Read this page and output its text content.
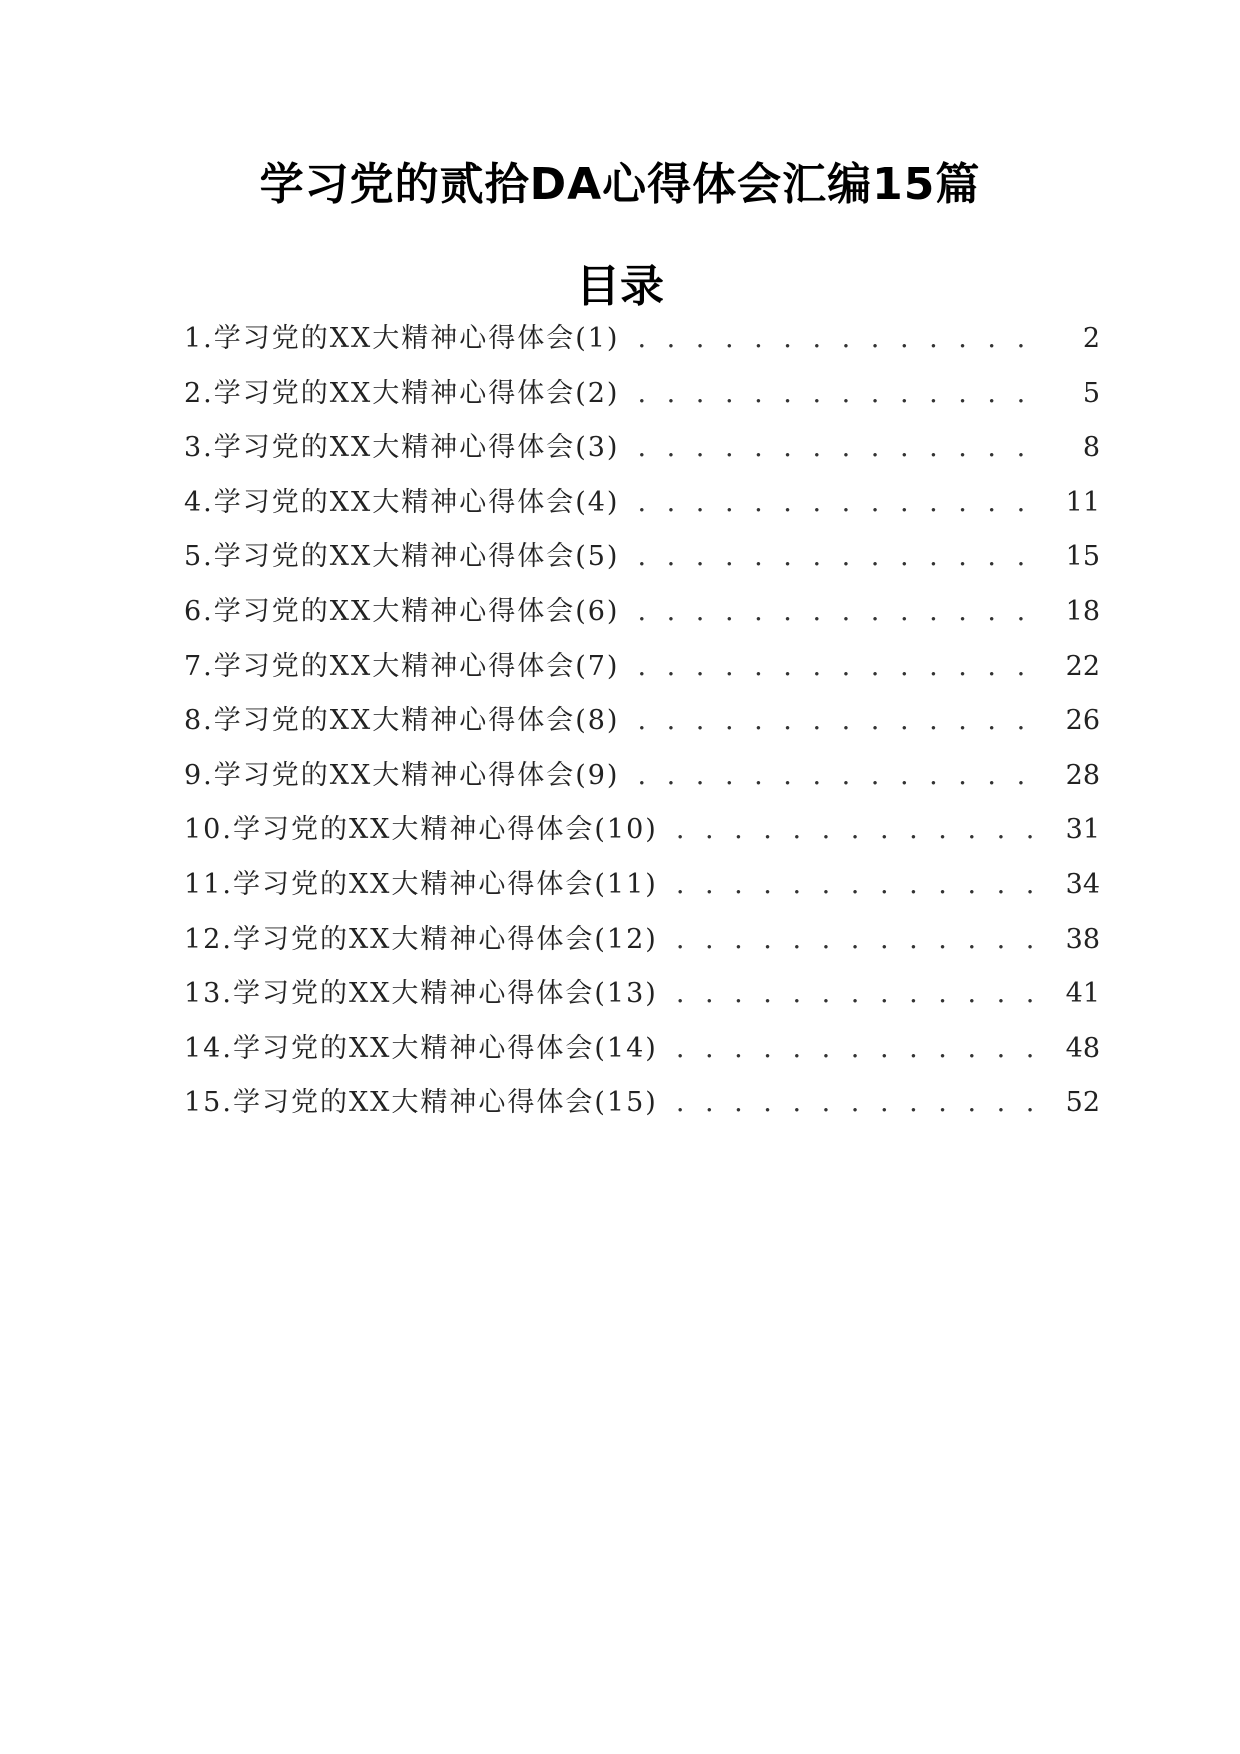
学习党的贰拾DA心得体会汇编15篇
目录
1.学习党的XX大精神心得体会(1) . . .	2
2.学习党的XX大精神心得体会(2) . . .	5
3.学习党的XX大精神心得体会(3) . . .	8
4.学习党的XX大精神心得体会(4) . . .	11
5.学习党的XX大精神心得体会(5) . . .	15
6.学习党的XX大精神心得体会(6) . . .	18
7.学习党的XX大精神心得体会(7) . . .	22
8.学习党的XX大精神心得体会(8) . . .	26
9.学习党的XX大精神心得体会(9) . . .	28
10.学习党的XX大精神心得体会(10) . . .	31
11.学习党的XX大精神心得体会(11) . . .	34
12.学习党的XX大精神心得体会(12) . . .	38
13.学习党的XX大精神心得体会(13) . . .	41
14.学习党的XX大精神心得体会(14) . . .	48
15.学习党的XX大精神心得体会(15) . . .	52
